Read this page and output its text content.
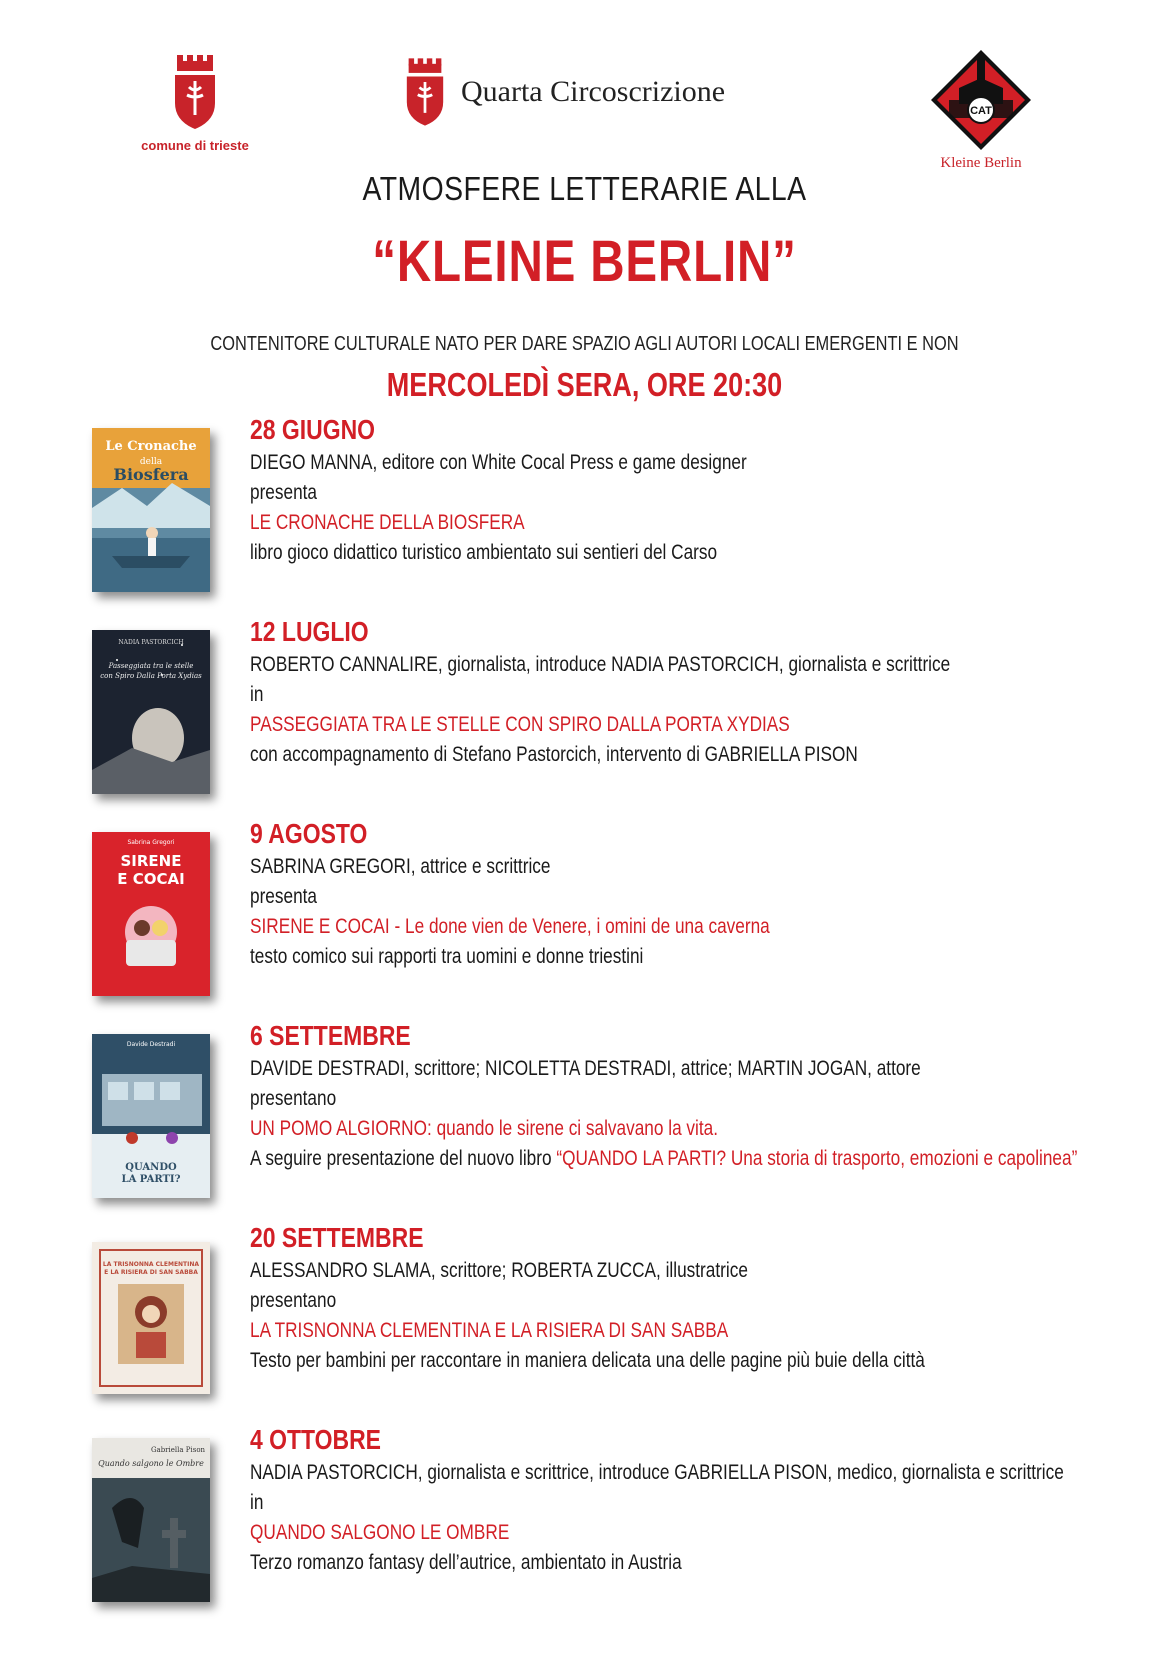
comune di trieste
Quarta Circoscrizione
CAT
Kleine Berlin
ATMOSFERE LETTERARIE ALLA
“KLEINE BERLIN”
CONTENITORE CULTURALE NATO PER DARE SPAZIO AGLI AUTORI LOCALI EMERGENTI E NON
MERCOLEDÌ SERA, ORE 20:30
Le Cronache
della
Biosfera
28 GIUGNO
DIEGO MANNA, editore con White Cocal Press e game designer
presenta
LE CRONACHE DELLA BIOSFERA
libro gioco didattico turistico ambientato sui sentieri del Carso
NADIA PASTORCICH
Passeggiata tra le stelle
con Spiro Dalla Porta Xydias
12 LUGLIO
ROBERTO CANNALIRE, giornalista, introduce NADIA PASTORCICH, giornalista e scrittrice
in
PASSEGGIATA TRA LE STELLE CON SPIRO DALLA PORTA XYDIAS
con accompagnamento di Stefano Pastorcich, intervento di GABRIELLA PISON
Sabrina Gregori
SIRENE
E COCAI
9 AGOSTO
SABRINA GREGORI, attrice e scrittrice
presenta
SIRENE E COCAI - Le done vien de Venere, i omini de una caverna
testo comico sui rapporti tra uomini e donne triestini
Davide Destradi
QUANDO
LA PARTI?
6 SETTEMBRE
DAVIDE DESTRADI, scrittore; NICOLETTA DESTRADI, attrice; MARTIN JOGAN, attore
presentano
UN POMO ALGIORNO: quando le sirene ci salvavano la vita.
A seguire presentazione del nuovo libro “QUANDO LA PARTI? Una storia di trasporto, emozioni e capolinea”
LA TRISNONNA CLEMENTINA
E LA RISIERA DI SAN SABBA
20 SETTEMBRE
ALESSANDRO SLAMA, scrittore; ROBERTA ZUCCA, illustratrice
presentano
LA TRISNONNA CLEMENTINA E LA RISIERA DI SAN SABBA
Testo per bambini per raccontare in maniera delicata una delle pagine più buie della città
Gabriella Pison
Quando salgono le Ombre
4 OTTOBRE
NADIA PASTORCICH, giornalista e scrittrice, introduce GABRIELLA PISON, medico, giornalista e scrittrice
in
QUANDO SALGONO LE OMBRE
Terzo romanzo fantasy dell’autrice, ambientato in Austria
